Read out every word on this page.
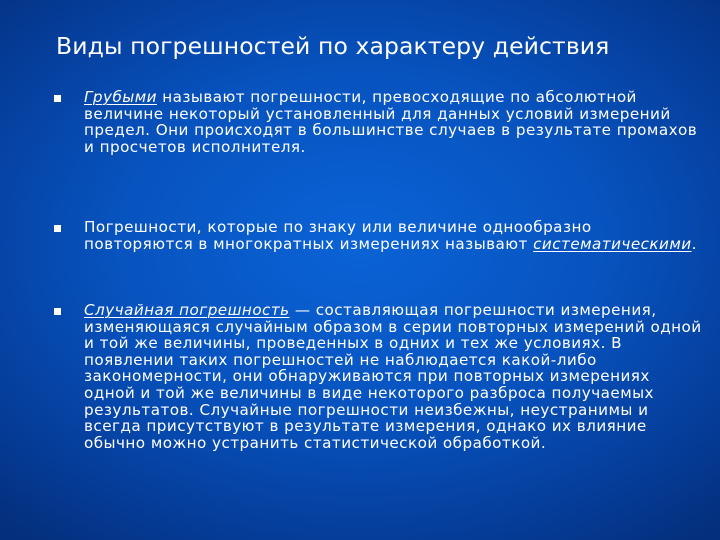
Виды погрешностей по характеру действия
Грубыми называют погрешности, превосходящие по абсолютной величине некоторый установленный для данных условий измерений предел. Они происходят в большинстве случаев в результате промахов и просчетов исполнителя.
Погрешности, которые по знаку или величине однообразно повторяются в многократных измерениях называют систематическими.
Случайная погрешность — составляющая погрешности измерения, изменяющаяся случайным образом в серии повторных измерений одной и той же величины, проведенных в одних и тех же условиях. В появлении таких погрешностей не наблюдается какой-либо закономерности, они обнаруживаются при повторных измерениях одной и той же величины в виде некоторого разброса получаемых результатов. Случайные погрешности неизбежны, неустранимы и всегда присутствуют в результате измерения, однако их влияние обычно можно устранить статистической обработкой.
